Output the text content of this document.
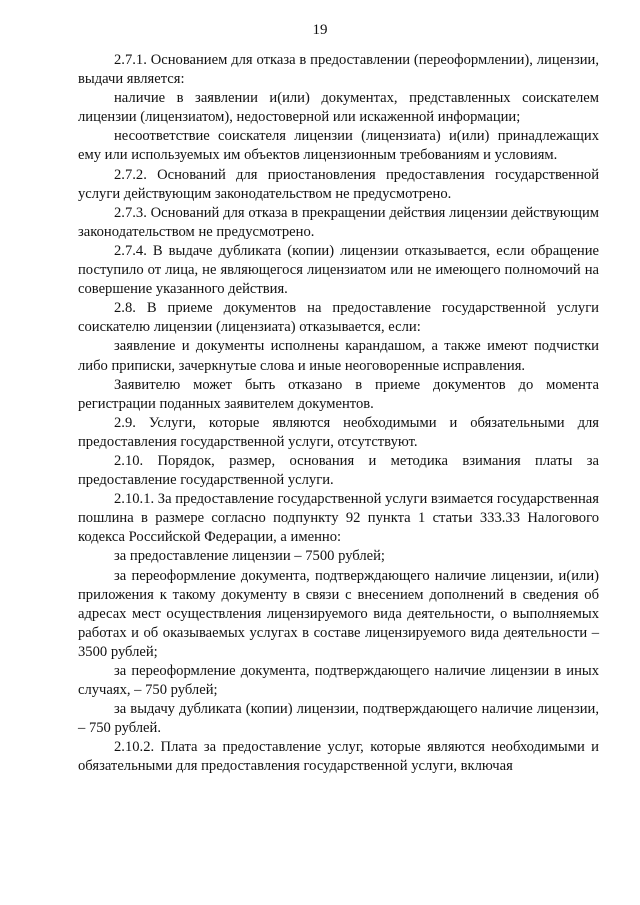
19

2.7.1. Основанием для отказа в предоставлении (переоформлении), лицензии, выдачи является:

наличие в заявлении и(или) документах, представленных соискателем лицензии (лицензиатом), недостоверной или искаженной информации;

несоответствие соискателя лицензии (лицензиата) и(или) принадлежащих ему или используемых им объектов лицензионным требованиям и условиям.

2.7.2. Оснований для приостановления предоставления государственной услуги действующим законодательством не предусмотрено.

2.7.3. Оснований для отказа в прекращении действия лицензии действующим законодательством не предусмотрено.

2.7.4. В выдаче дубликата (копии) лицензии отказывается, если обращение поступило от лица, не являющегося лицензиатом или не имеющего полномочий на совершение указанного действия.

2.8. В приеме документов на предоставление государственной услуги соискателю лицензии (лицензиата) отказывается, если:

заявление и документы исполнены карандашом, а также имеют подчистки либо приписки, зачеркнутые слова и иные неоговоренные исправления.

Заявителю может быть отказано в приеме документов до момента регистрации поданных заявителем документов.

2.9. Услуги, которые являются необходимыми и обязательными для предоставления государственной услуги, отсутствуют.

2.10. Порядок, размер, основания и методика взимания платы за предоставление государственной услуги.

2.10.1. За предоставление государственной услуги взимается государственная пошлина в размере согласно подпункту 92 пункта 1 статьи 333.33 Налогового кодекса Российской Федерации, а именно:

за предоставление лицензии – 7500 рублей;

за переоформление документа, подтверждающего наличие лицензии, и(или) приложения к такому документу в связи с внесением дополнений в сведения об адресах мест осуществления лицензируемого вида деятельности, о выполняемых работах и об оказываемых услугах в составе лицензируемого вида деятельности – 3500 рублей;

за переоформление документа, подтверждающего наличие лицензии в иных случаях, – 750 рублей;

за выдачу дубликата (копии) лицензии, подтверждающего наличие лицензии, – 750 рублей.

2.10.2. Плата за предоставление услуг, которые являются необходимыми и обязательными для предоставления государственной услуги, включая
